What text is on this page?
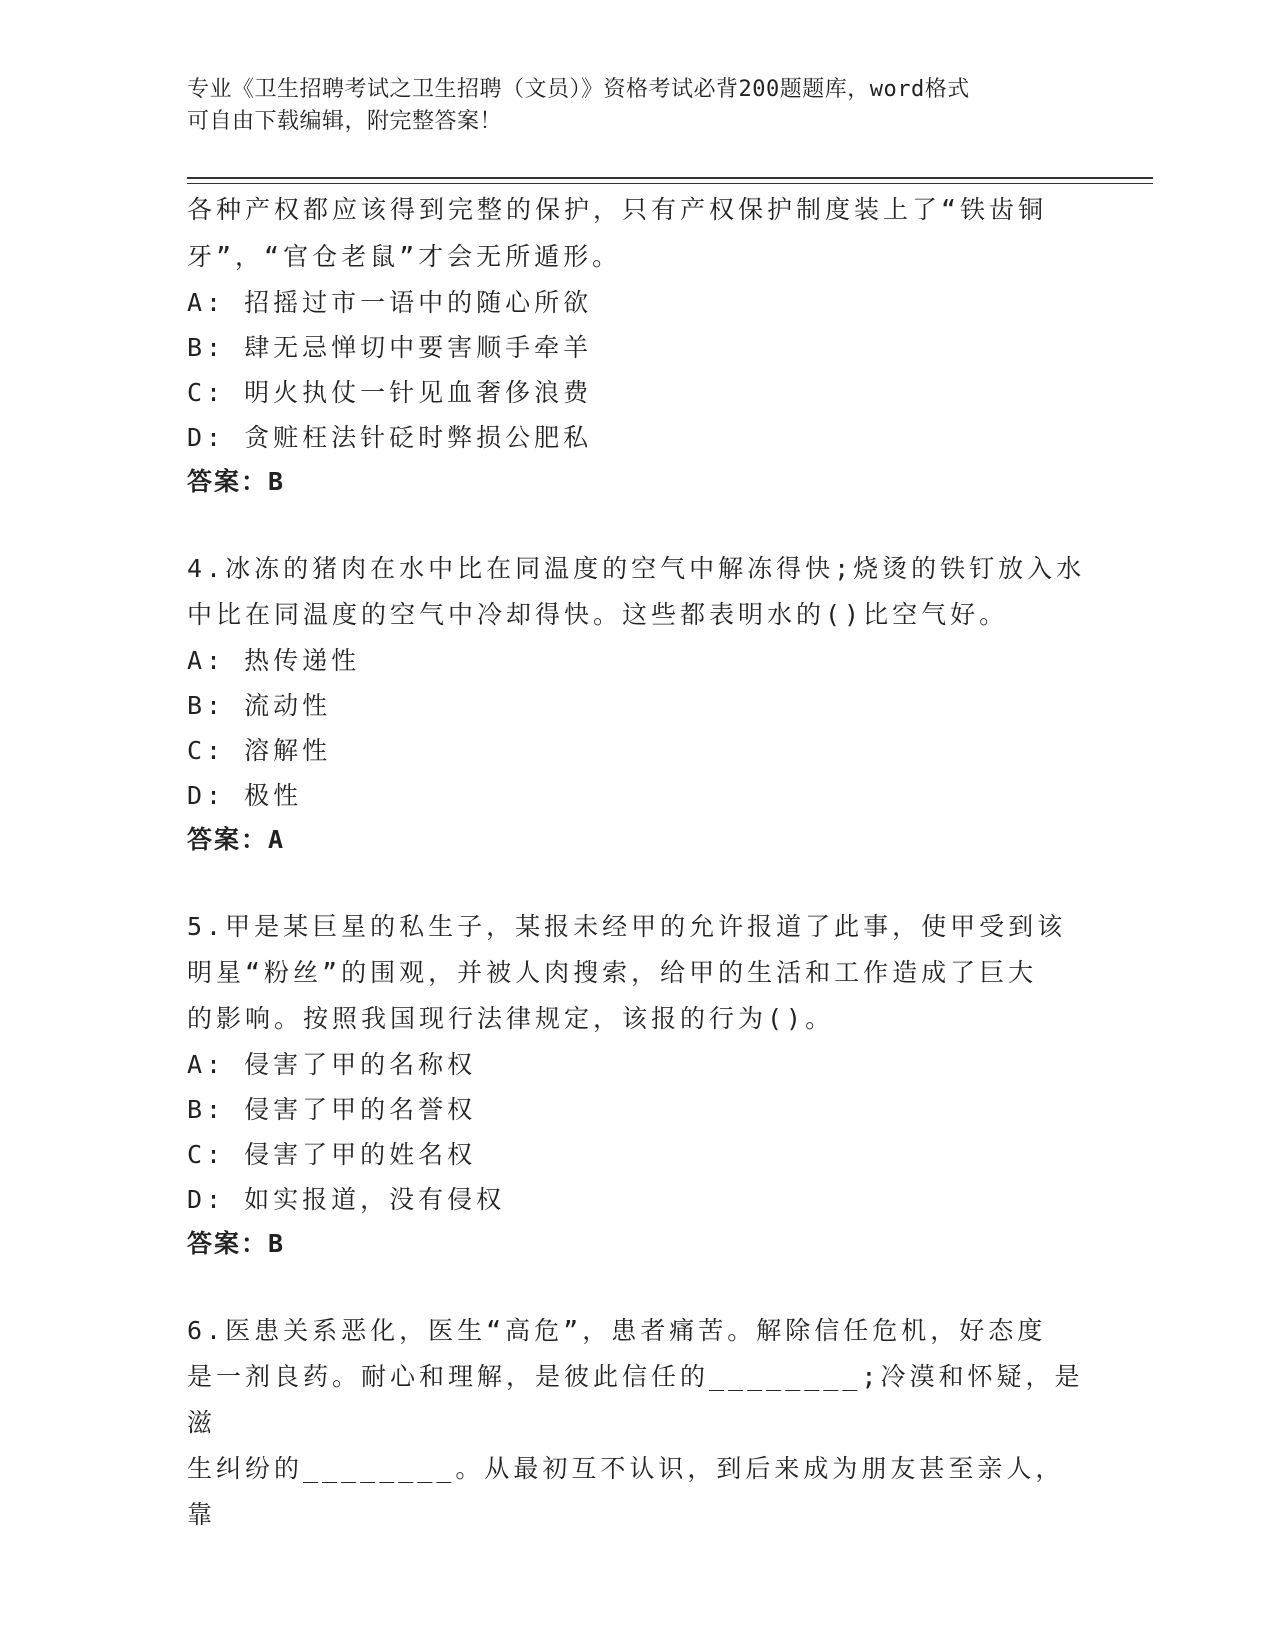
专业《卫生招聘考试之卫生招聘（文员）》资格考试必背200题题库，word格式
可自由下载编辑，附完整答案！

各种产权都应该得到完整的保护，只有产权保护制度装上了“铁齿铜

牙”，“官仓老鼠”才会无所遁形。

A: 招摇过市一语中的随心所欲

B: 肆无忌惮切中要害顺手牵羊

C: 明火执仗一针见血奢侈浪费

D: 贪赃枉法针砭时弊损公肥私

答案：B

4.冰冻的猪肉在水中比在同温度的空气中解冻得快;烧烫的铁钉放入水

中比在同温度的空气中冷却得快。这些都表明水的()比空气好。

A: 热传递性

B: 流动性

C: 溶解性

D: 极性

答案：A

5.甲是某巨星的私生子，某报未经甲的允许报道了此事，使甲受到该

明星“粉丝”的围观，并被人肉搜索，给甲的生活和工作造成了巨大

的影响。按照我国现行法律规定，该报的行为()。

A: 侵害了甲的名称权

B: 侵害了甲的名誉权

C: 侵害了甲的姓名权

D: 如实报道，没有侵权

答案：B

6.医患关系恶化，医生“高危”，患者痛苦。解除信任危机，好态度

是一剂良药。耐心和理解，是彼此信任的________;冷漠和怀疑，是滋

生纠纷的________。从最初互不认识，到后来成为朋友甚至亲人，靠
